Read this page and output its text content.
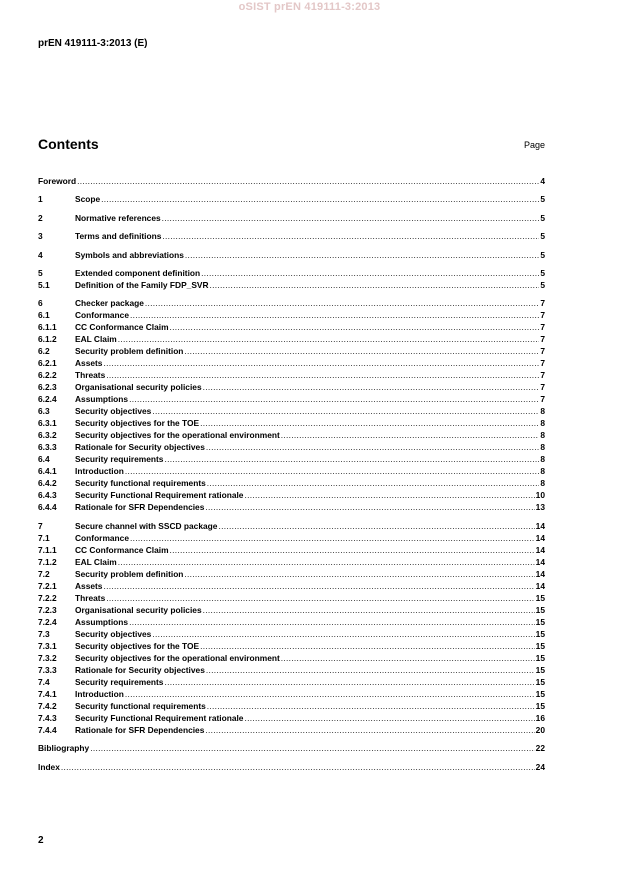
oSIST prEN 419111-3:2013
prEN 419111-3:2013 (E)
Contents	Page
Foreword .....	4
1	Scope .....	5
2	Normative references .....	5
3	Terms and definitions .....	5
4	Symbols and abbreviations .....	5
5	Extended component definition .....	5
5.1	Definition of the Family FDP_SVR .....	5
6	Checker package .....	7
6.1	Conformance .....	7
6.1.1	CC Conformance Claim .....	7
6.1.2	EAL Claim .....	7
6.2	Security problem definition .....	7
6.2.1	Assets .....	7
6.2.2	Threats .....	7
6.2.3	Organisational security policies .....	7
6.2.4	Assumptions .....	7
6.3	Security objectives .....	8
6.3.1	Security objectives for the TOE .....	8
6.3.2	Security objectives for the operational environment .....	8
6.3.3	Rationale for Security objectives .....	8
6.4	Security requirements .....	8
6.4.1	Introduction .....	8
6.4.2	Security functional requirements .....	8
6.4.3	Security Functional Requirement rationale .....	10
6.4.4	Rationale for SFR Dependencies .....	13
7	Secure channel with SSCD package .....	14
7.1	Conformance .....	14
7.1.1	CC Conformance Claim .....	14
7.1.2	EAL Claim .....	14
7.2	Security problem definition .....	14
7.2.1	Assets .....	14
7.2.2	Threats .....	15
7.2.3	Organisational security policies .....	15
7.2.4	Assumptions .....	15
7.3	Security objectives .....	15
7.3.1	Security objectives for the TOE .....	15
7.3.2	Security objectives for the operational environment .....	15
7.3.3	Rationale for Security objectives .....	15
7.4	Security requirements .....	15
7.4.1	Introduction .....	15
7.4.2	Security functional requirements .....	15
7.4.3	Security Functional Requirement rationale .....	16
7.4.4	Rationale for SFR Dependencies .....	20
Bibliography .....	22
Index .....	24
2
